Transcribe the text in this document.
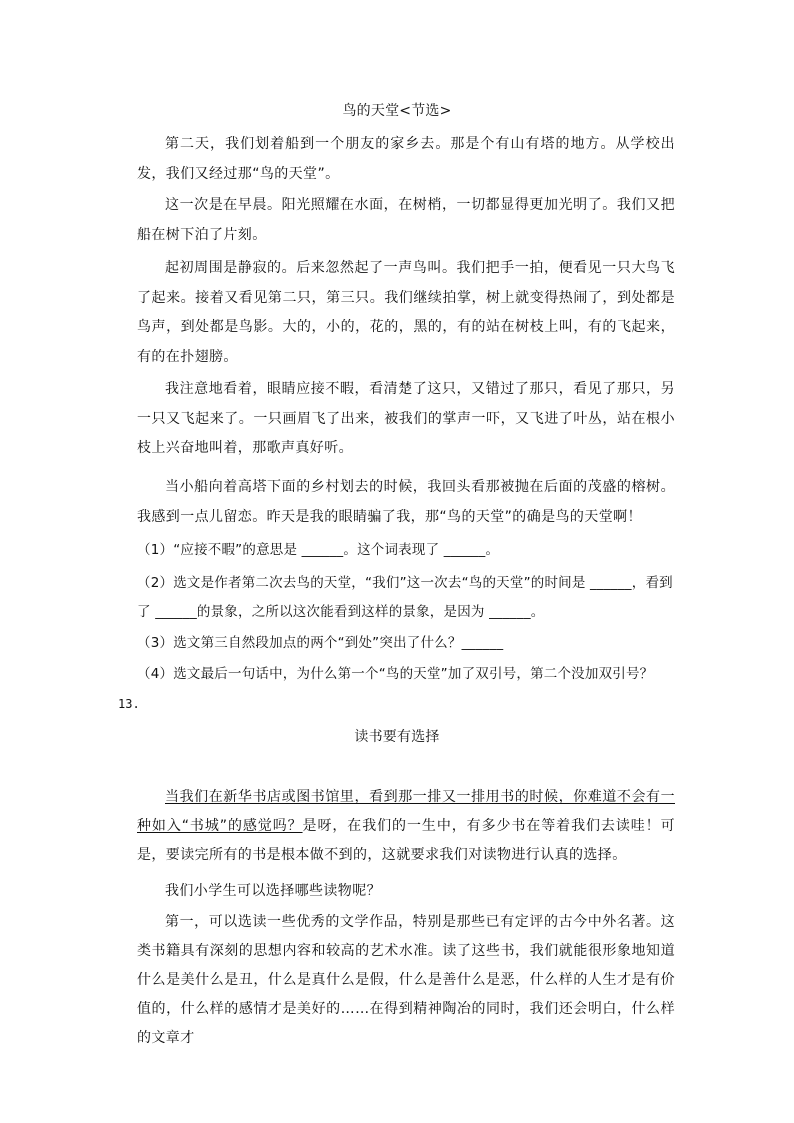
鸟的天堂<节选>
第二天，我们划着船到一个朋友的家乡去。那是个有山有塔的地方。从学校出发，我们又经过那“鸟的天堂”。
这一次是在早晨。阳光照耀在水面，在树梢，一切都显得更加光明了。我们又把船在树下泊了片刻。
起初周围是静寂的。后来忽然起了一声鸟叫。我们把手一拍，便看见一只大鸟飞了起来。接着又看见第二只，第三只。我们继续拍掌，树上就变得热闹了，到处都是鸟声，到处都是鸟影。大的，小的，花的，黑的，有的站在树枝上叫，有的飞起来，有的在扑翅膀。
我注意地看着，眼睛应接不暇，看清楚了这只，又错过了那只，看见了那只，另一只又飞起来了。一只画眉飞了出来，被我们的掌声一吓，又飞进了叶丛，站在根小枝上兴奋地叫着，那歌声真好听。
当小船向着高塔下面的乡村划去的时候，我回头看那被抛在后面的茂盛的榕树。我感到一点儿留恋。昨天是我的眼睛骗了我，那“鸟的天堂”的确是鸟的天堂啊！
（1）“应接不暇”的意思是 ______。这个词表现了 ______。
（2）选文是作者第二次去鸟的天堂，“我们”这一次去“鸟的天堂”的时间是 ______，看到了 ______的景象，之所以这次能看到这样的景象，是因为 ______。
（3）选文第三自然段加点的两个“到处”突出了什么？______
（4）选文最后一句话中，为什么第一个“鸟的天堂”加了双引号，第二个没加双引号？
13.
读书要有选择
当我们在新华书店或图书馆里，看到那一排又一排用书的时候，你难道不会有一种如入“书城”的感觉吗？是呀，在我们的一生中，有多少书在等着我们去读哇！可是，要读完所有的书是根本做不到的，这就要求我们对读物进行认真的选择。
我们小学生可以选择哪些读物呢？
第一，可以选读一些优秀的文学作品，特别是那些已有定评的古今中外名著。这类书籍具有深刻的思想内容和较高的艺术水准。读了这些书，我们就能很形象地知道什么是美什么是丑，什么是真什么是假，什么是善什么是恶，什么样的人生才是有价值的，什么样的感情才是美好的……在得到精神陶冶的同时，我们还会明白，什么样的文章才
